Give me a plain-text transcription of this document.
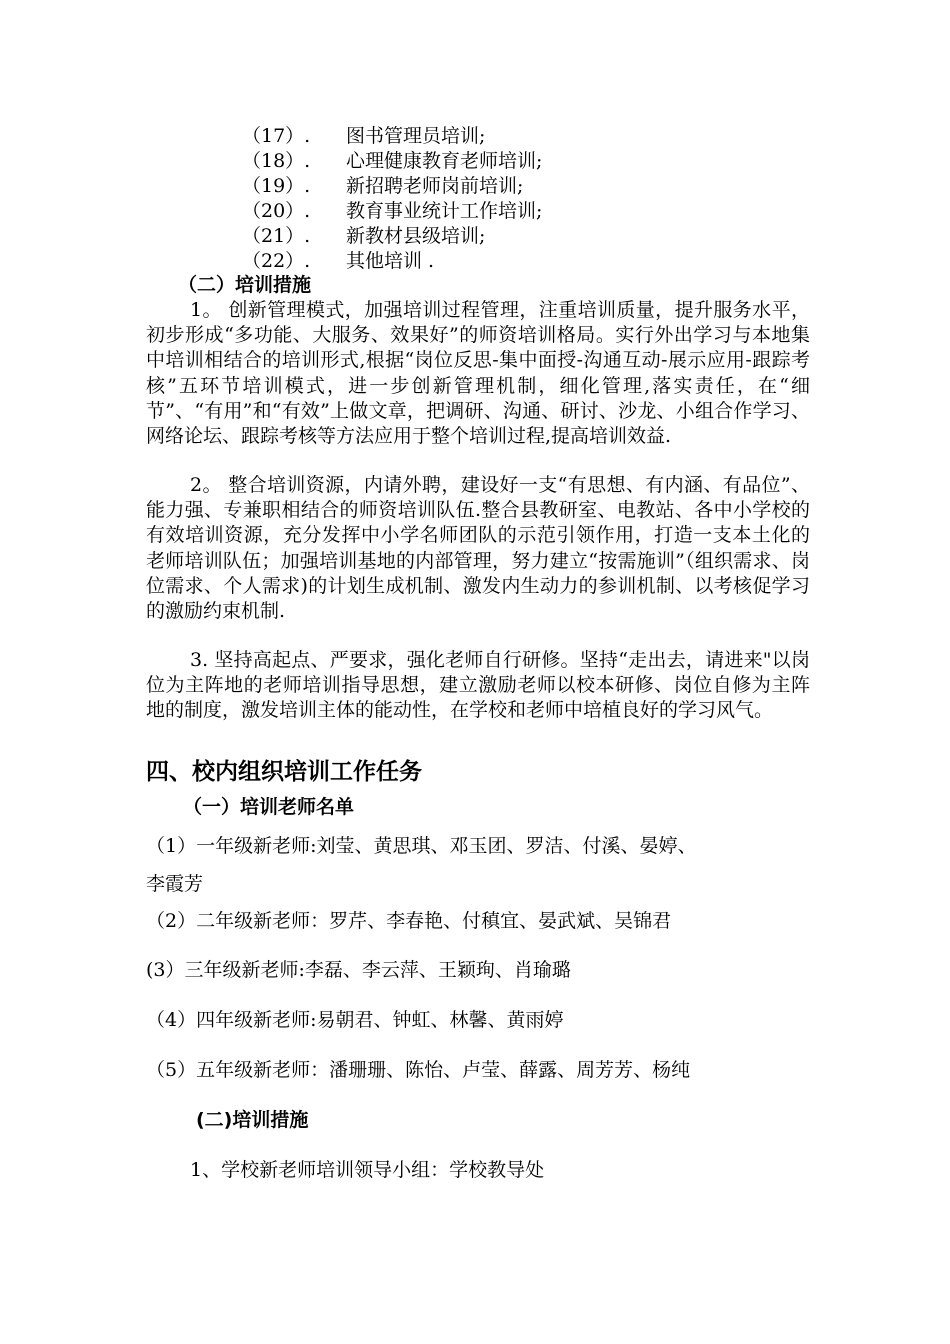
（17）. 图书管理员培训;
（18）. 心理健康教育老师培训;
（19）. 新招聘老师岗前培训;
（20）. 教育事业统计工作培训;
（21）. 新教材县级培训;
（22）. 其他培训 .
（二）培训措施
1。 创新管理模式，加强培训过程管理，注重培训质量，提升服务水平，初步形成“多功能、大服务、效果好”的师资培训格局。实行外出学习与本地集中培训相结合的培训形式,根据“岗位反思-集中面授-沟通互动-展示应用-跟踪考核”五环节培训模式，进一步创新管理机制，细化管理,落实责任，在“细节”、“有用”和“有效”上做文章，把调研、沟通、研讨、沙龙、小组合作学习、网络论坛、跟踪考核等方法应用于整个培训过程,提高培训效益.
2。 整合培训资源，内请外聘，建设好一支“有思想、有内涵、有品位”、能力强、专兼职相结合的师资培训队伍.整合县教研室、电教站、各中小学校的有效培训资源，充分发挥中小学名师团队的示范引领作用，打造一支本土化的老师培训队伍；加强培训基地的内部管理，努力建立“按需施训”（组织需求、岗位需求、个人需求)的计划生成机制、激发内生动力的参训机制、以考核促学习的激励约束机制.
3. 坚持高起点、严要求，强化老师自行研修。坚持“走出去，请进来"以岗位为主阵地的老师培训指导思想，建立激励老师以校本研修、岗位自修为主阵地的制度，激发培训主体的能动性，在学校和老师中培植良好的学习风气。
四、校内组织培训工作任务
（一）培训老师名单
（1）一年级新老师:刘莹、黄思琪、邓玉团、罗洁、付溪、晏婷、
李霞芳
（2）二年级新老师：罗芹、李春艳、付稹宜、晏武斌、吴锦君
(3）三年级新老师:李磊、李云萍、王颖珣、肖瑜璐
（4）四年级新老师:易朝君、钟虹、林馨、黄雨婷
（5）五年级新老师：潘珊珊、陈怡、卢莹、薛露、周芳芳、杨纯
(二)培训措施
1、学校新老师培训领导小组：学校教导处
